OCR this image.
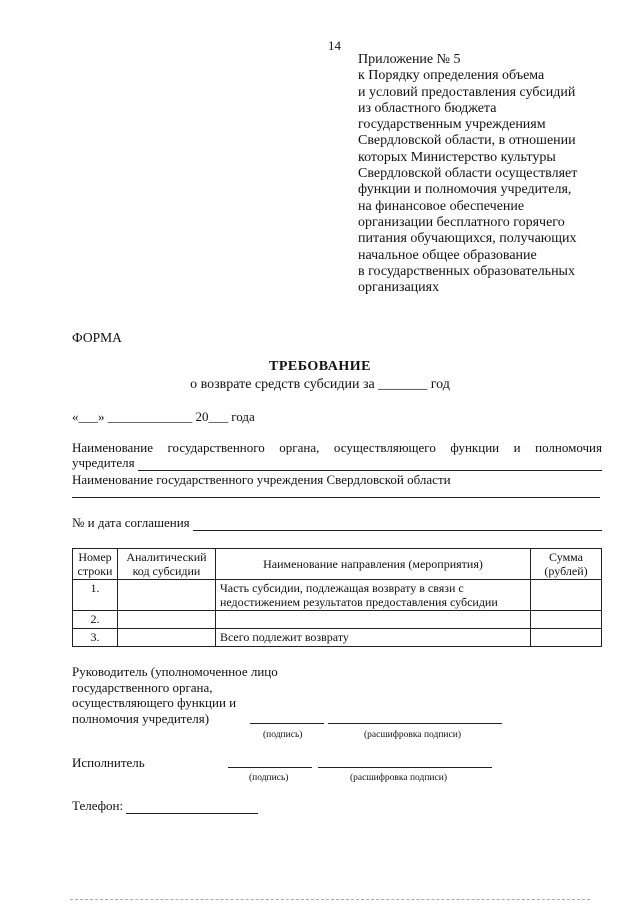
14
Приложение № 5
к Порядку определения объема
и условий предоставления субсидий
из областного бюджета
государственным учреждениям
Свердловской области, в отношении
которых Министерство культуры
Свердловской области осуществляет
функции и полномочия учредителя,
на финансовое обеспечение
организации бесплатного горячего
питания обучающихся, получающих
начальное общее образование
в государственных образовательных
организациях
ФОРМА
ТРЕБОВАНИЕ
о возврате средств субсидии за _______ год
«___» _____________ 20___ года
Наименование государственного органа, осуществляющего функции и полномочия
учредителя
Наименование государственного учреждения Свердловской области
№ и дата соглашения
Номер строки	Аналитический код субсидии	Наименование направления (мероприятия)	Сумма (рублей)
1.		Часть субсидии, подлежащая возврату в связи с недостижением результатов предоставления субсидии	
2.			
3.		Всего подлежит возврату	
Руководитель (уполномоченное лицо
государственного органа,
осуществляющего функции и
полномочия учредителя)
(подпись)	(расшифровка подписи)
Исполнитель
(подпись)	(расшифровка подписи)
Телефон:
